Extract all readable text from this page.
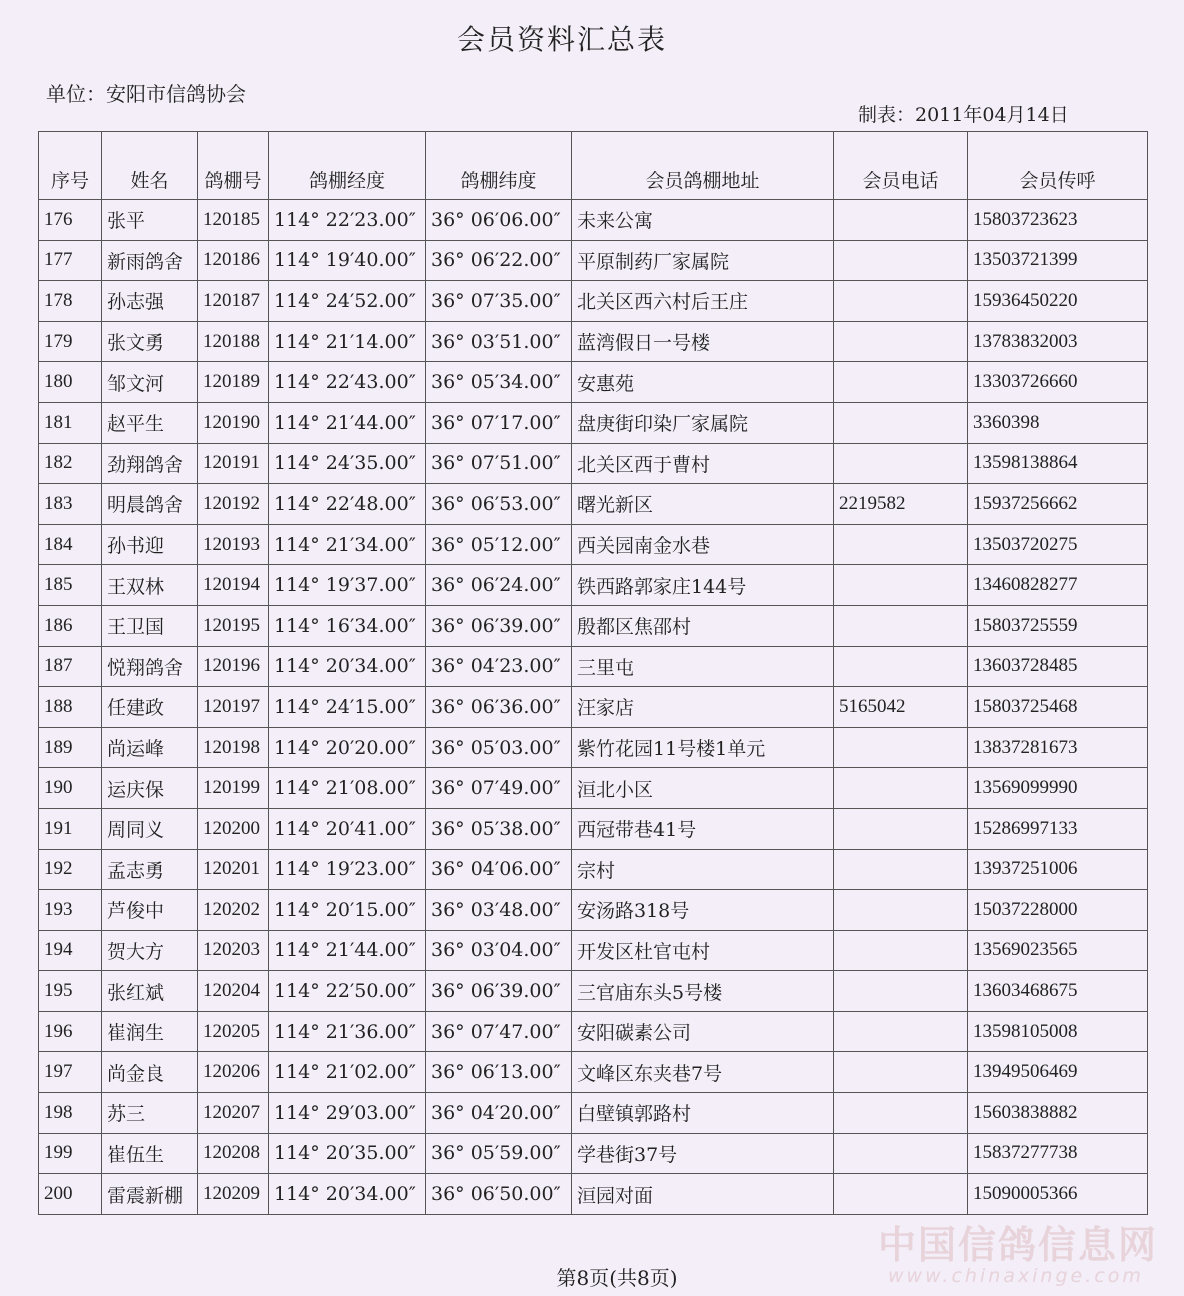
会员资料汇总表
单位：安阳市信鸽协会
制表：2011年04月14日
序号	姓名	鸽棚号	鸽棚经度	鸽棚纬度	会员鸽棚地址	会员电话	会员传呼
176	张平	120185	114° 22′23.00″	36° 06′06.00″	未来公寓		15803723623
177	新雨鸽舍	120186	114° 19′40.00″	36° 06′22.00″	平原制药厂家属院		13503721399
178	孙志强	120187	114° 24′52.00″	36° 07′35.00″	北关区西六村后王庄		15936450220
179	张文勇	120188	114° 21′14.00″	36° 03′51.00″	蓝湾假日一号楼		13783832003
180	邹文河	120189	114° 22′43.00″	36° 05′34.00″	安惠苑		13303726660
181	赵平生	120190	114° 21′44.00″	36° 07′17.00″	盘庚街印染厂家属院		3360398
182	劲翔鸽舍	120191	114° 24′35.00″	36° 07′51.00″	北关区西于曹村		13598138864
183	明晨鸽舍	120192	114° 22′48.00″	36° 06′53.00″	曙光新区	2219582	15937256662
184	孙书迎	120193	114° 21′34.00″	36° 05′12.00″	西关园南金水巷		13503720275
185	王双林	120194	114° 19′37.00″	36° 06′24.00″	铁西路郭家庄144号		13460828277
186	王卫国	120195	114° 16′34.00″	36° 06′39.00″	殷都区焦邵村		15803725559
187	悦翔鸽舍	120196	114° 20′34.00″	36° 04′23.00″	三里屯		13603728485
188	任建政	120197	114° 24′15.00″	36° 06′36.00″	汪家店	5165042	15803725468
189	尚运峰	120198	114° 20′20.00″	36° 05′03.00″	紫竹花园11号楼1单元		13837281673
190	运庆保	120199	114° 21′08.00″	36° 07′49.00″	洹北小区		13569099990
191	周同义	120200	114° 20′41.00″	36° 05′38.00″	西冠带巷41号		15286997133
192	孟志勇	120201	114° 19′23.00″	36° 04′06.00″	宗村		13937251006
193	芦俊中	120202	114° 20′15.00″	36° 03′48.00″	安汤路318号		15037228000
194	贺大方	120203	114° 21′44.00″	36° 03′04.00″	开发区杜官屯村		13569023565
195	张红斌	120204	114° 22′50.00″	36° 06′39.00″	三官庙东头5号楼		13603468675
196	崔润生	120205	114° 21′36.00″	36° 07′47.00″	安阳碳素公司		13598105008
197	尚金良	120206	114° 21′02.00″	36° 06′13.00″	文峰区东夹巷7号		13949506469
198	苏三	120207	114° 29′03.00″	36° 04′20.00″	白壁镇郭路村		15603838882
199	崔伍生	120208	114° 20′35.00″	36° 05′59.00″	学巷街37号		15837277738
200	雷震新棚	120209	114° 20′34.00″	36° 06′50.00″	洹园对面		15090005366
第8页(共8页)
中国信鸽信息网
www.chinaxinge.com
